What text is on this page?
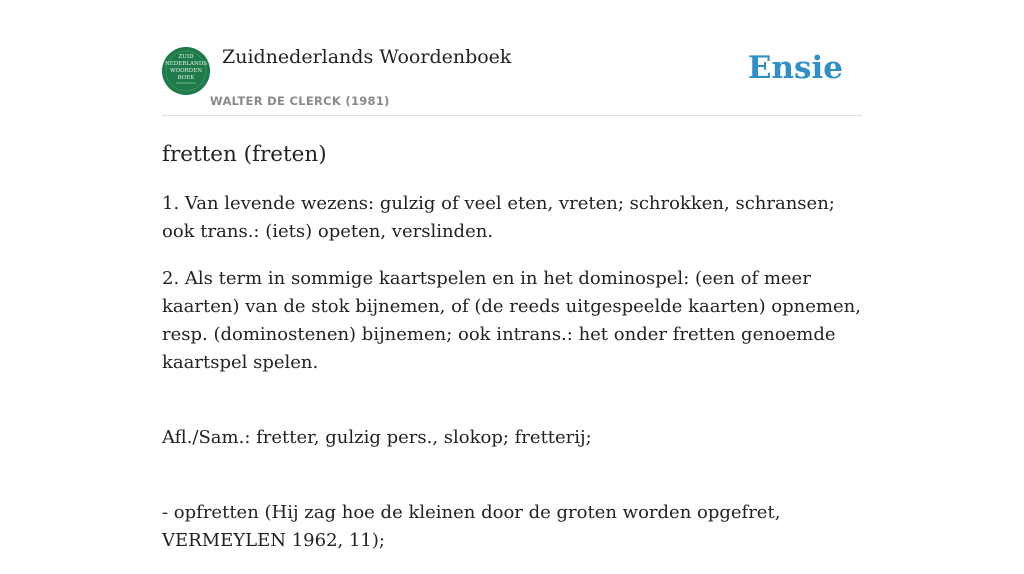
ZUID
NEDERLANDS
WOORDEN
BOEK
Zuidnederlands Woordenboek
WALTER DE CLERCK (1981)
Ensie
fretten (freten)

1. Van levende wezens: gulzig of veel eten, vreten; schrokken, schransen; ook trans.: (iets) opeten, verslinden.

2. Als term in sommige kaartspelen en in het dominospel: (een of meer kaarten) van de stok bijnemen, of (de reeds uitgespeelde kaarten) opnemen, resp. (dominostenen) bijnemen; ook intrans.: het onder fretten genoemde kaartspel spelen.

Afl./Sam.: fretter, gulzig pers., slokop; fretterij;

- opfretten (Hij zag hoe de kleinen door de groten worden opgefret, VERMEYLEN 1962, 11);
